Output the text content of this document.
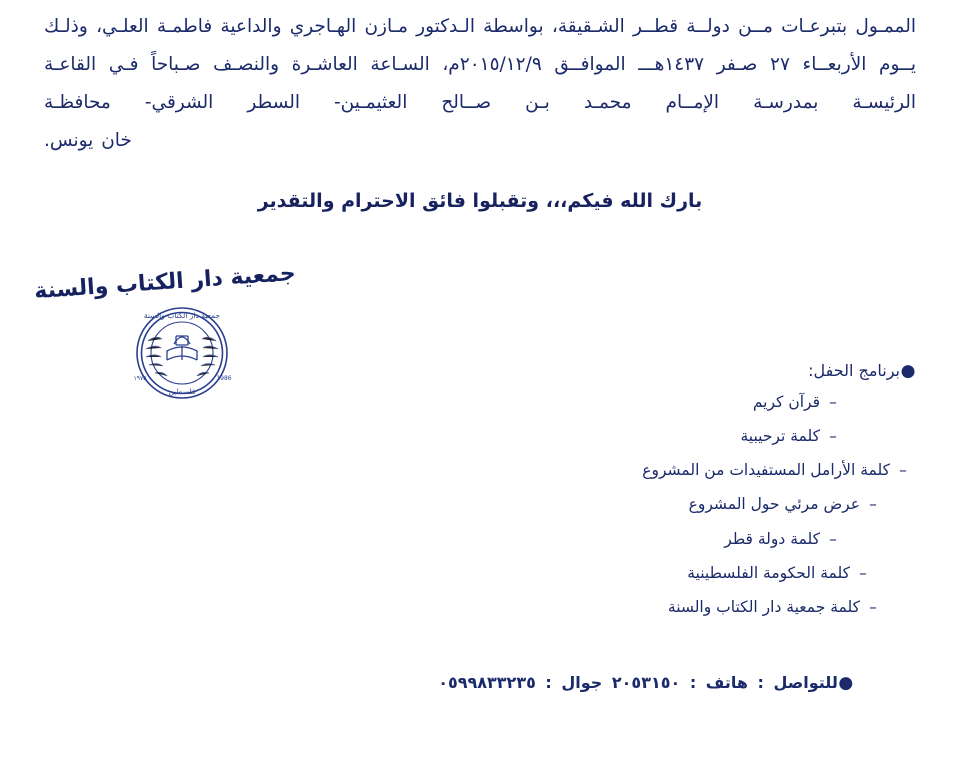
الممـول بتبرعـات مــن دولــة قطــر الشـقيقة، بواسطة الـدكتور مـازن الهـاجري والداعية فاطمـة العلـي، وذلـك يــوم الأربعــاء ٢٧ صـفر ١٤٣٧هـــ الموافــق ٢٠١٥/١٢/٩م، السـاعة العاشـرة والنصـف صـباحاً فـي القاعـة الرئيسـة بمدرسـة الإمــام محمـد بـن صــالح العثيمـين- السطر الشرقي- محافظـة
خان يونس.
بارك الله فيكم،،، وتقبلوا فائق الاحترام والتقدير
جمعية دار الكتاب والسنة
جمعية دار الكتاب والسنة
فلسطين
١٩٧٥	1986	●
برنامج الحفل:
–
قرآن كريم
–
كلمة ترحيبية
–
كلمة الأرامل المستفيدات من المشروع
–
عرض مرئي حول المشروع
–
كلمة دولة قطر
–
كلمة الحكومة الفلسطينية
–
كلمة جمعية دار الكتاب والسنة
●
للتواصل : هاتف : ٢٠٥٣١٥٠ جوال : ٠٥٩٩٨٣٣٢٣٥
